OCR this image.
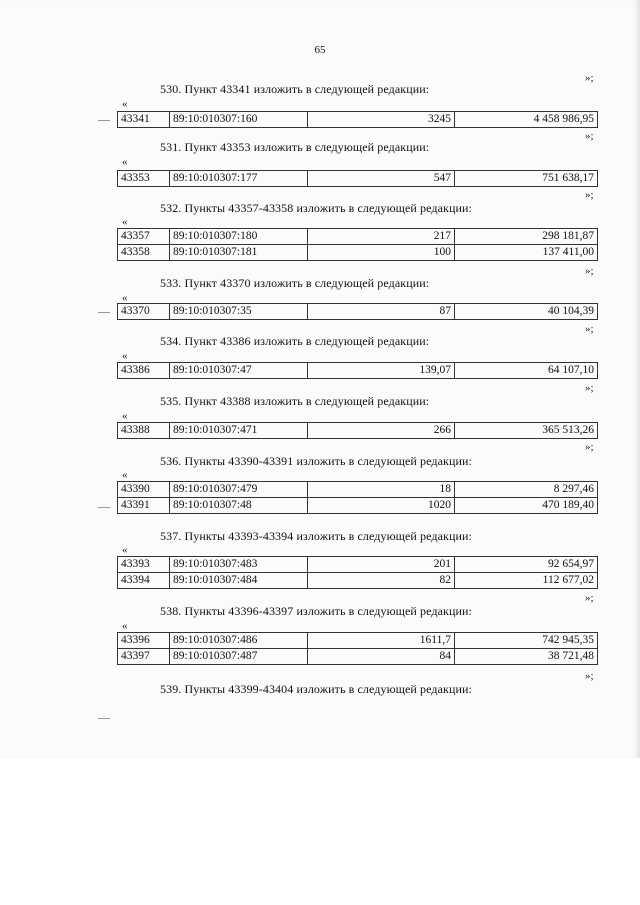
65
»;
530. Пункт 43341 изложить в следующей редакции:
«
43341	89:10:010307:160	3245	4 458 986,95
»;
531. Пункт 43353 изложить в следующей редакции:
«
43353	89:10:010307:177	547	751 638,17
»;
532. Пункты 43357-43358 изложить в следующей редакции:
«
43357	89:10:010307:180	217	298 181,87
43358	89:10:010307:181	100	137 411,00
»;
533. Пункт 43370 изложить в следующей редакции:
«
43370	89:10:010307:35	87	40 104,39
»;
534. Пункт 43386 изложить в следующей редакции:
«
43386	89:10:010307:47	139,07	64 107,10
»;
535. Пункт 43388 изложить в следующей редакции:
«
43388	89:10:010307:471	266	365 513,26
»;
536. Пункты 43390-43391 изложить в следующей редакции:
«
43390	89:10:010307:479	18	8 297,46
43391	89:10:010307:48	1020	470 189,40
537. Пункты 43393-43394 изложить в следующей редакции:
«
43393	89:10:010307:483	201	92 654,97
43394	89:10:010307:484	82	112 677,02
»;
538. Пункты 43396-43397 изложить в следующей редакции:
«
43396	89:10:010307:486	1611,7	742 945,35
43397	89:10:010307:487	84	38 721,48
»;
539. Пункты 43399-43404 изложить в следующей редакции:
